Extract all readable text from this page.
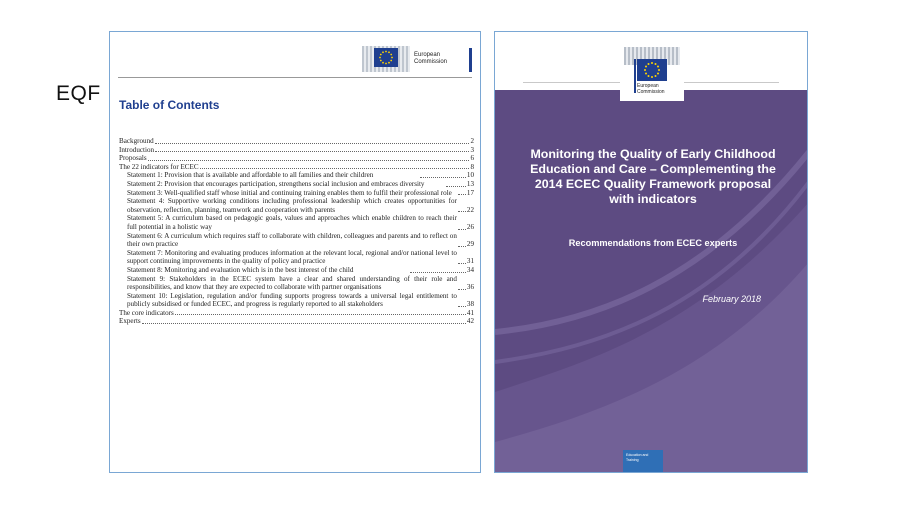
EQF
European
Commission
Table of Contents
Background	2
Introduction	3
Proposals	6
The 22 indicators for ECEC	8
Statement 1: Provision that is available and affordable to all families and their children	10
Statement 2: Provision that encourages participation, strengthens social inclusion and embraces diversity	13
Statement 3: Well-qualified staff whose initial and continuing training enables them to fulfil their professional role	17
Statement 4: Supportive working conditions including professional leadership which creates opportunities for observation, reflection, planning, teamwork and cooperation with parents	22
Statement 5: A curriculum based on pedagogic goals, values and approaches which enable children to reach their full potential in a holistic way	26
Statement 6: A curriculum which requires staff to collaborate with children, colleagues and parents and to reflect on their own practice	29
Statement 7: Monitoring and evaluating produces information at the relevant local, regional and/or national level to support continuing improvements in the quality of policy and practice	31
Statement 8: Monitoring and evaluation which is in the best interest of the child	34
Statement 9: Stakeholders in the ECEC system have a clear and shared understanding of their role and responsibilities, and know that they are expected to collaborate with partner organisations	36
Statement 10: Legislation, regulation and/or funding supports progress towards a universal legal entitlement to publicly subsidised or funded ECEC, and progress is regularly reported to all stakeholders	38
The core indicators	41
Experts	42
European
Commission
Monitoring the Quality of Early Childhood Education and Care – Complementing the 2014 ECEC Quality Framework proposal with indicators
Recommendations from ECEC experts
February 2018
Education and
Training
